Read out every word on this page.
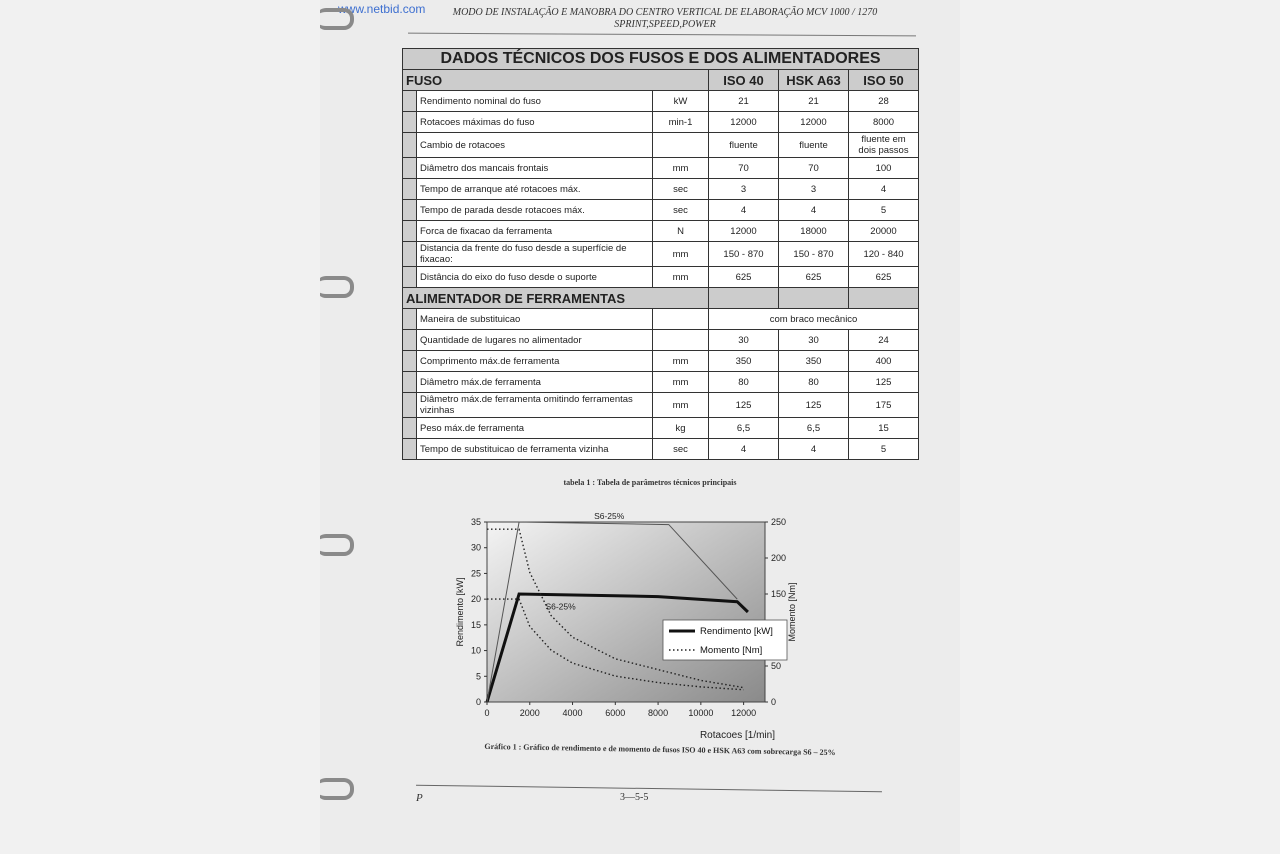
www.netbid.com	MODO DE INSTALAÇÃO E MANOBRA DO CENTRO VERTICAL DE ELABORAÇÃO MCV 1000 / 1270
SPRINT,SPEED,POWER
DADOS TÉCNICOS DOS FUSOS E DOS ALIMENTADORES					
FUSO			ISO 40	HSK A63	ISO 50
	Rendimento nominal do fuso	kW	21	21	28
	Rotacoes máximas do fuso	min-1	12000	12000	8000
	Cambio de rotacoes		fluente	fluente	fluente em dois passos
	Diâmetro dos mancais frontais	mm	70	70	100
	Tempo de arranque até rotacoes máx.	sec	3	3	4
	Tempo de parada desde rotacoes máx.	sec	4	4	5
	Forca de fixacao da ferramenta	N	12000	18000	20000
	Distancia da frente do fuso desde a superfície de fixacao:	mm	150 - 870	150 - 870	120 - 840
	Distância do eixo do fuso desde o suporte	mm	625	625	625
ALIMENTADOR DE FERRAMENTAS					
	Maneira de substituicao		com braco mecânico		
	Quantidade de lugares no alimentador		30	30	24
	Comprimento máx.de ferramenta	mm	350	350	400
	Diâmetro máx.de ferramenta	mm	80	80	125
	Diâmetro máx.de ferramenta omitindo ferramentas vizinhas	mm	125	125	175
	Peso máx.de ferramenta	kg	6,5	6,5	15
	Tempo de substituicao de ferramenta vizinha	sec	4	4	5
tabela 1 : Tabela de parâmetros técnicos principais
0
5
10
15
20
25
30
35
0
50
150
200
250
0	2000	4000	6000	8000 10000 12000
Rendimento [kW]	Momento [Nm]
Rotacoes [1/min]
S6-25%
S6-25%
Rendimento [kW]
Momento [Nm]
Gráfico 1 : Gráfico de rendimento e de momento de fusos ISO 40 e HSK A63 com sobrecarga S6 – 25%
P	3—5-5
